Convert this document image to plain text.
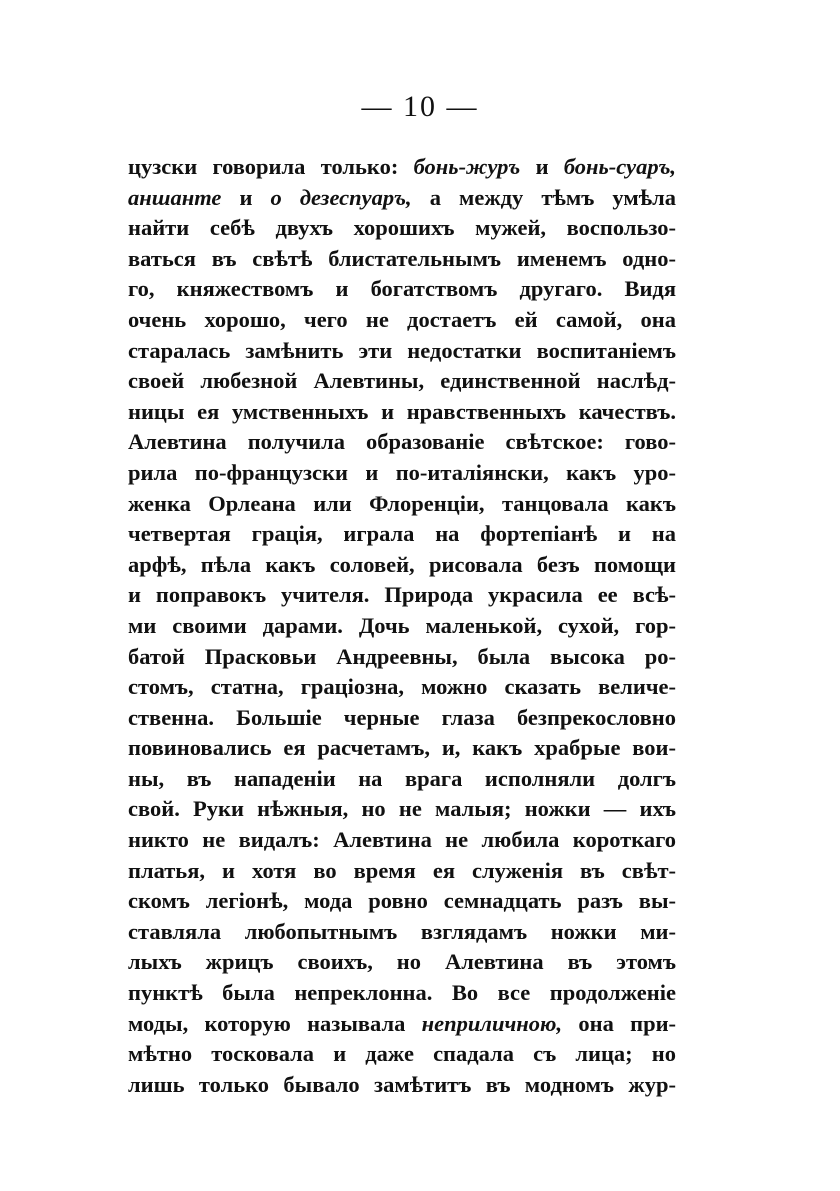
— 10 —
цузски говорила только: бонь-журъ и бонь-суаръ,
аншанте и о дезеспуаръ, а между тѣмъ умѣла
найти себѣ двухъ хорошихъ мужей, воспользо-
ваться въ свѣтѣ блистательнымъ именемъ одно-
го, княжествомъ и богатствомъ другаго. Видя
очень хорошо, чего не достаетъ ей самой, она
старалась замѣнить эти недостатки воспитаніемъ
своей любезной Алевтины, единственной наслѣд-
ницы ея умственныхъ и нравственныхъ качествъ.
Алевтина получила образованіе свѣтское: гово-
рила по-французски и по-италіянски, какъ уро-
женка Орлеана или Флоренціи, танцовала какъ
четвертая грація, играла на фортепіанѣ и на
арфѣ, пѣла какъ соловей, рисовала безъ помощи
и поправокъ учителя. Природа украсила ее всѣ-
ми своими дарами. Дочь маленькой, сухой, гор-
батой Прасковьи Андреевны, была высока ро-
стомъ, статна, граціозна, можно сказать величе-
ственна. Большіе черные глаза безпрекословно
повиновались ея расчетамъ, и, какъ храбрые вои-
ны, въ нападеніи на врага исполняли долгъ
свой. Руки нѣжныя, но не малыя; ножки — ихъ
никто не видалъ: Алевтина не любила короткаго
платья, и хотя во время ея служенія въ свѣт-
скомъ легіонѣ, мода ровно семнадцать разъ вы-
ставляла любопытнымъ взглядамъ ножки ми-
лыхъ жрицъ своихъ, но Алевтина въ этомъ
пунктѣ была непреклонна. Во все продолженіе
моды, которую называла неприличною, она при-
мѣтно тосковала и даже спадала съ лица; но
лишь только бывало замѣтитъ въ модномъ жур-
